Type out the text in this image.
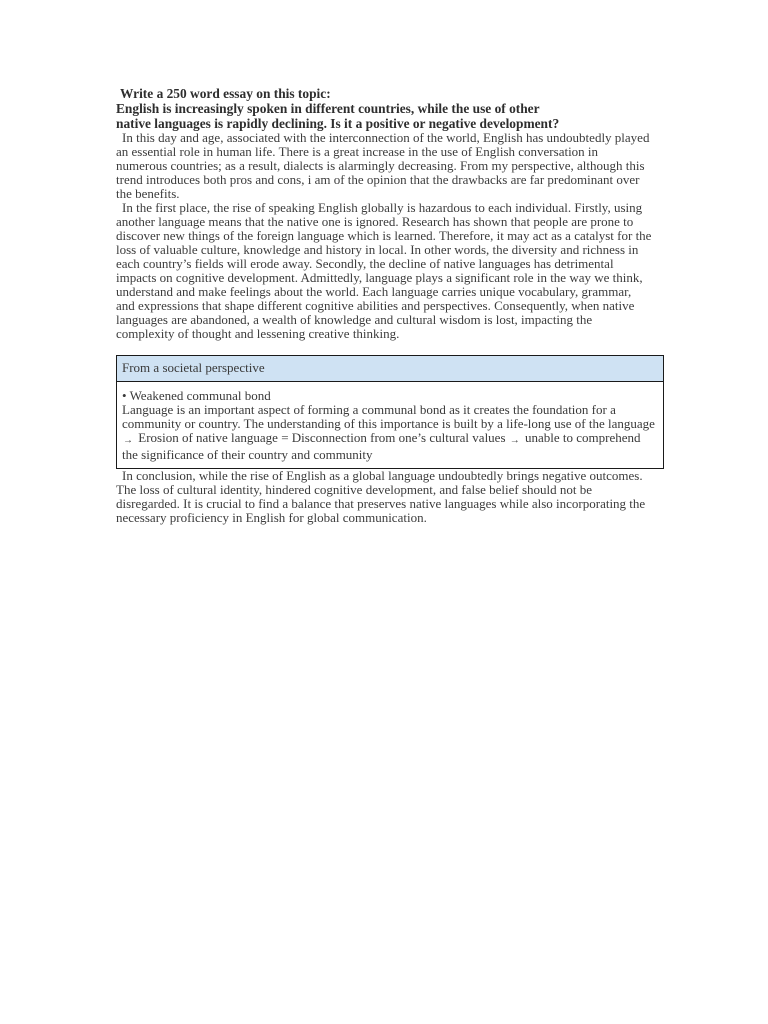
Write a 250 word essay on this topic:
English is increasingly spoken in different countries, while the use of other native languages is rapidly declining. Is it a positive or negative development?

In this day and age, associated with the interconnection of the world, English has undoubtedly played an essential role in human life. There is a great increase in the use of English conversation in numerous countries; as a result, dialects is alarmingly decreasing. From my perspective, although this trend introduces both pros and cons, i am of the opinion that the drawbacks are far predominant over the benefits.

In the first place, the rise of speaking English globally is hazardous to each individual. Firstly, using another language means that the native one is ignored. Research has shown that people are prone to discover new things of the foreign language which is learned. Therefore, it may act as a catalyst for the loss of valuable culture, knowledge and history in local. In other words, the diversity and richness in each country’s fields will erode away. Secondly, the decline of native languages has detrimental impacts on cognitive development. Admittedly, language plays a significant role in the way we think, understand and make feelings about the world. Each language carries unique vocabulary, grammar, and expressions that shape different cognitive abilities and perspectives. Consequently, when native languages are abandoned, a wealth of knowledge and cultural wisdom is lost, impacting the complexity of thought and lessening creative thinking.

From a societal perspective
• Weakened communal bond
Language is an important aspect of forming a communal bond as it creates the foundation for a community or country. The understanding of this importance is built by a life-long use of the language
→ Erosion of native language = Disconnection from one’s cultural values → unable to comprehend the significance of their country and community

In conclusion, while the rise of English as a global language undoubtedly brings negative outcomes. The loss of cultural identity, hindered cognitive development, and false belief should not be disregarded. It is crucial to find a balance that preserves native languages while also incorporating the necessary proficiency in English for global communication.
